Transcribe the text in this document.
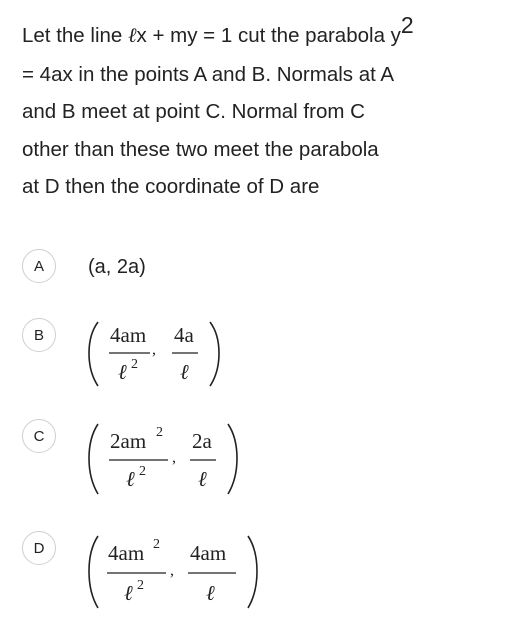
Let the line ℓx + my = 1 cut the parabola y2
= 4ax in the points A and B. Normals at A
and B meet at point C. Normal from C
other than these two meet the parabola
at D then the coordinate of D are
A (a, 2a)
B	4am
ℓ 2
,
4a
ℓ
C	2am 2
ℓ 2
,
2a
ℓ
D	4am 2
ℓ 2
,
4am
ℓ
